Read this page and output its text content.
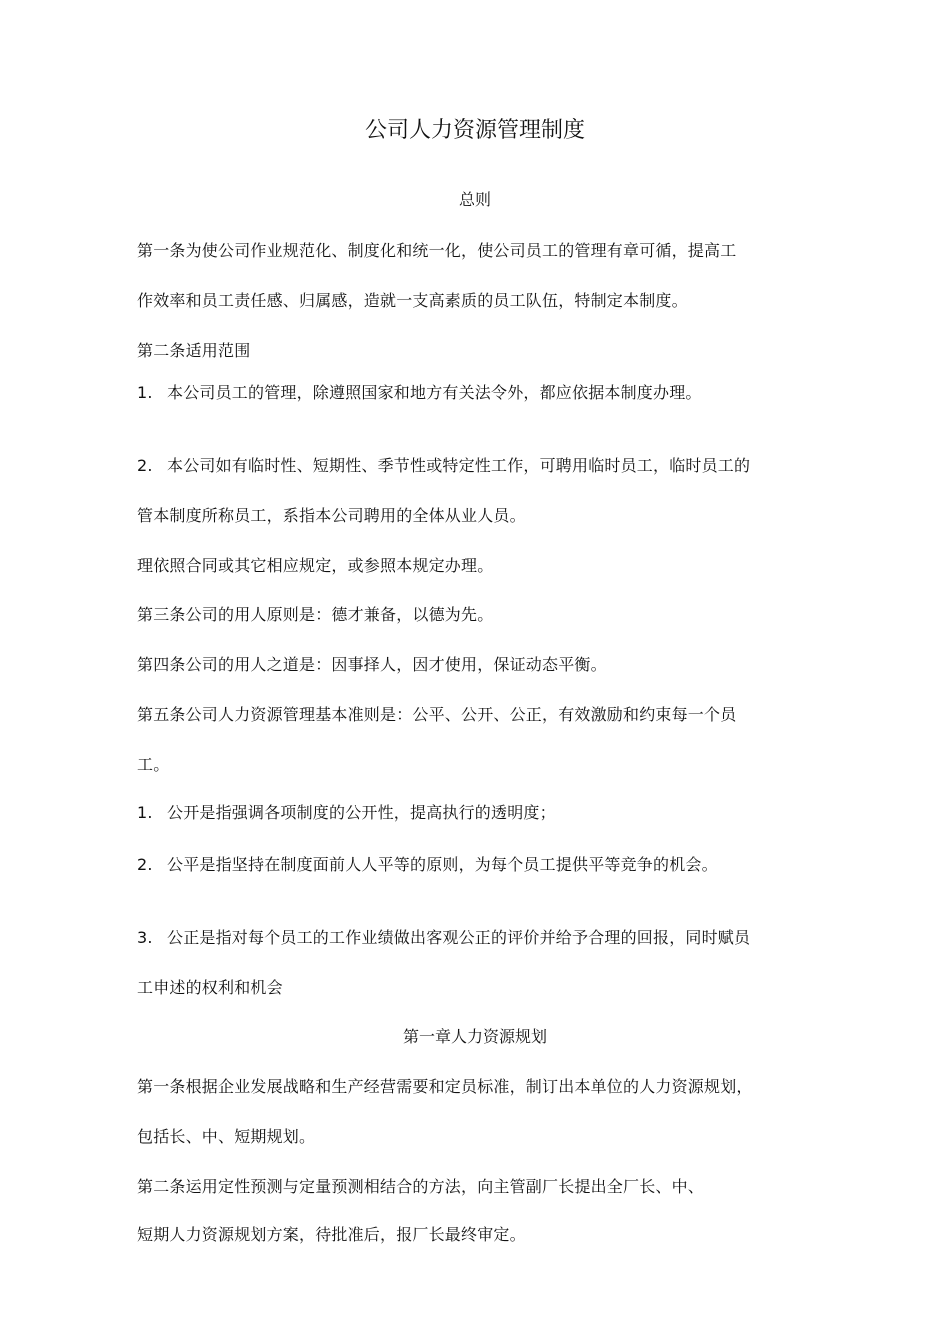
公司人力资源管理制度
总则
第一条为使公司作业规范化、制度化和统一化，使公司员工的管理有章可循，提高工
作效率和员工责任感、归属感，造就一支高素质的员工队伍，特制定本制度。
第二条适用范围
1. 本公司员工的管理，除遵照国家和地方有关法令外，都应依据本制度办理。
2. 本公司如有临时性、短期性、季节性或特定性工作，可聘用临时员工，临时员工的
管本制度所称员工，系指本公司聘用的全体从业人员。
理依照合同或其它相应规定，或参照本规定办理。
第三条公司的用人原则是：德才兼备，以德为先。
第四条公司的用人之道是：因事择人，因才使用，保证动态平衡。
第五条公司人力资源管理基本准则是：公平、公开、公正，有效激励和约束每一个员
工。
1. 公开是指强调各项制度的公开性，提高执行的透明度；
2. 公平是指坚持在制度面前人人平等的原则，为每个员工提供平等竞争的机会。
3. 公正是指对每个员工的工作业绩做出客观公正的评价并给予合理的回报，同时赋员
工申述的权利和机会
第一章人力资源规划
第一条根据企业发展战略和生产经营需要和定员标准，制订出本单位的人力资源规划，
包括长、中、短期规划。
第二条运用定性预测与定量预测相结合的方法，向主管副厂长提出全厂长、中、
短期人力资源规划方案，待批准后，报厂长最终审定。
